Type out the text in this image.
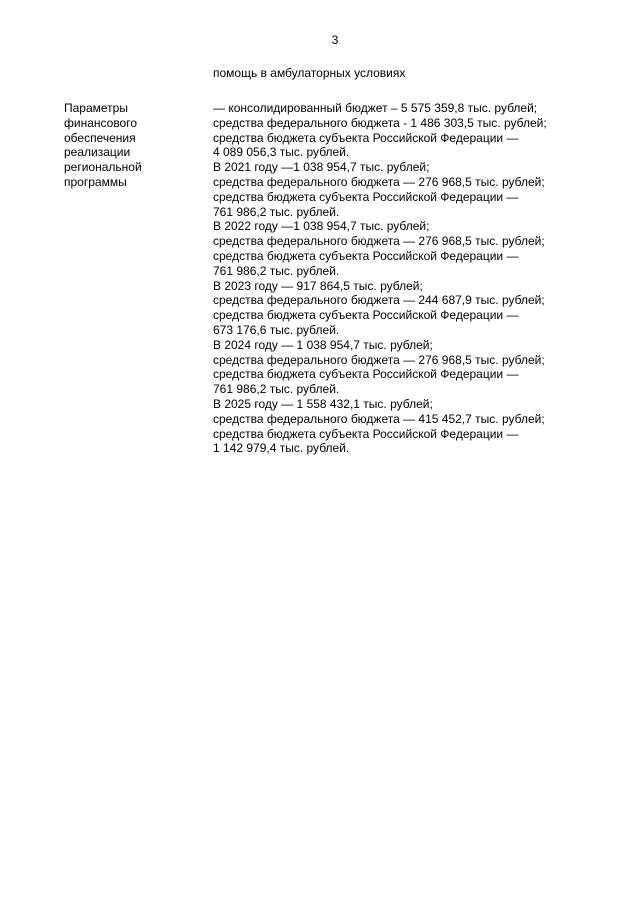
3
помощь в амбулаторных условиях
Параметры
финансового
обеспечения
реализации
региональной
программы
— консолидированный бюджет – 5 575 359,8 тыс. рублей;
средства федерального бюджета - 1 486 303,5 тыс. рублей;
средства бюджета субъекта Российской Федерации —
4 089 056,3 тыс. рублей.
В 2021 году —1 038 954,7 тыс. рублей;
средства федерального бюджета — 276 968,5 тыс. рублей;
средства бюджета субъекта Российской Федерации —
761 986,2 тыс. рублей.
В 2022 году —1 038 954,7 тыс. рублей;
средства федерального бюджета — 276 968,5 тыс. рублей;
средства бюджета субъекта Российской Федерации —
761 986,2 тыс. рублей.
В 2023 году — 917 864,5 тыс. рублей;
средства федерального бюджета — 244 687,9 тыс. рублей;
средства бюджета субъекта Российской Федерации —
673 176,6 тыс. рублей.
В 2024 году — 1 038 954,7 тыс. рублей;
средства федерального бюджета — 276 968,5 тыс. рублей;
средства бюджета субъекта Российской Федерации —
761 986,2 тыс. рублей.
В 2025 году — 1 558 432,1 тыс. рублей;
средства федерального бюджета — 415 452,7 тыс. рублей;
средства бюджета субъекта Российской Федерации —
1 142 979,4 тыс. рублей.
